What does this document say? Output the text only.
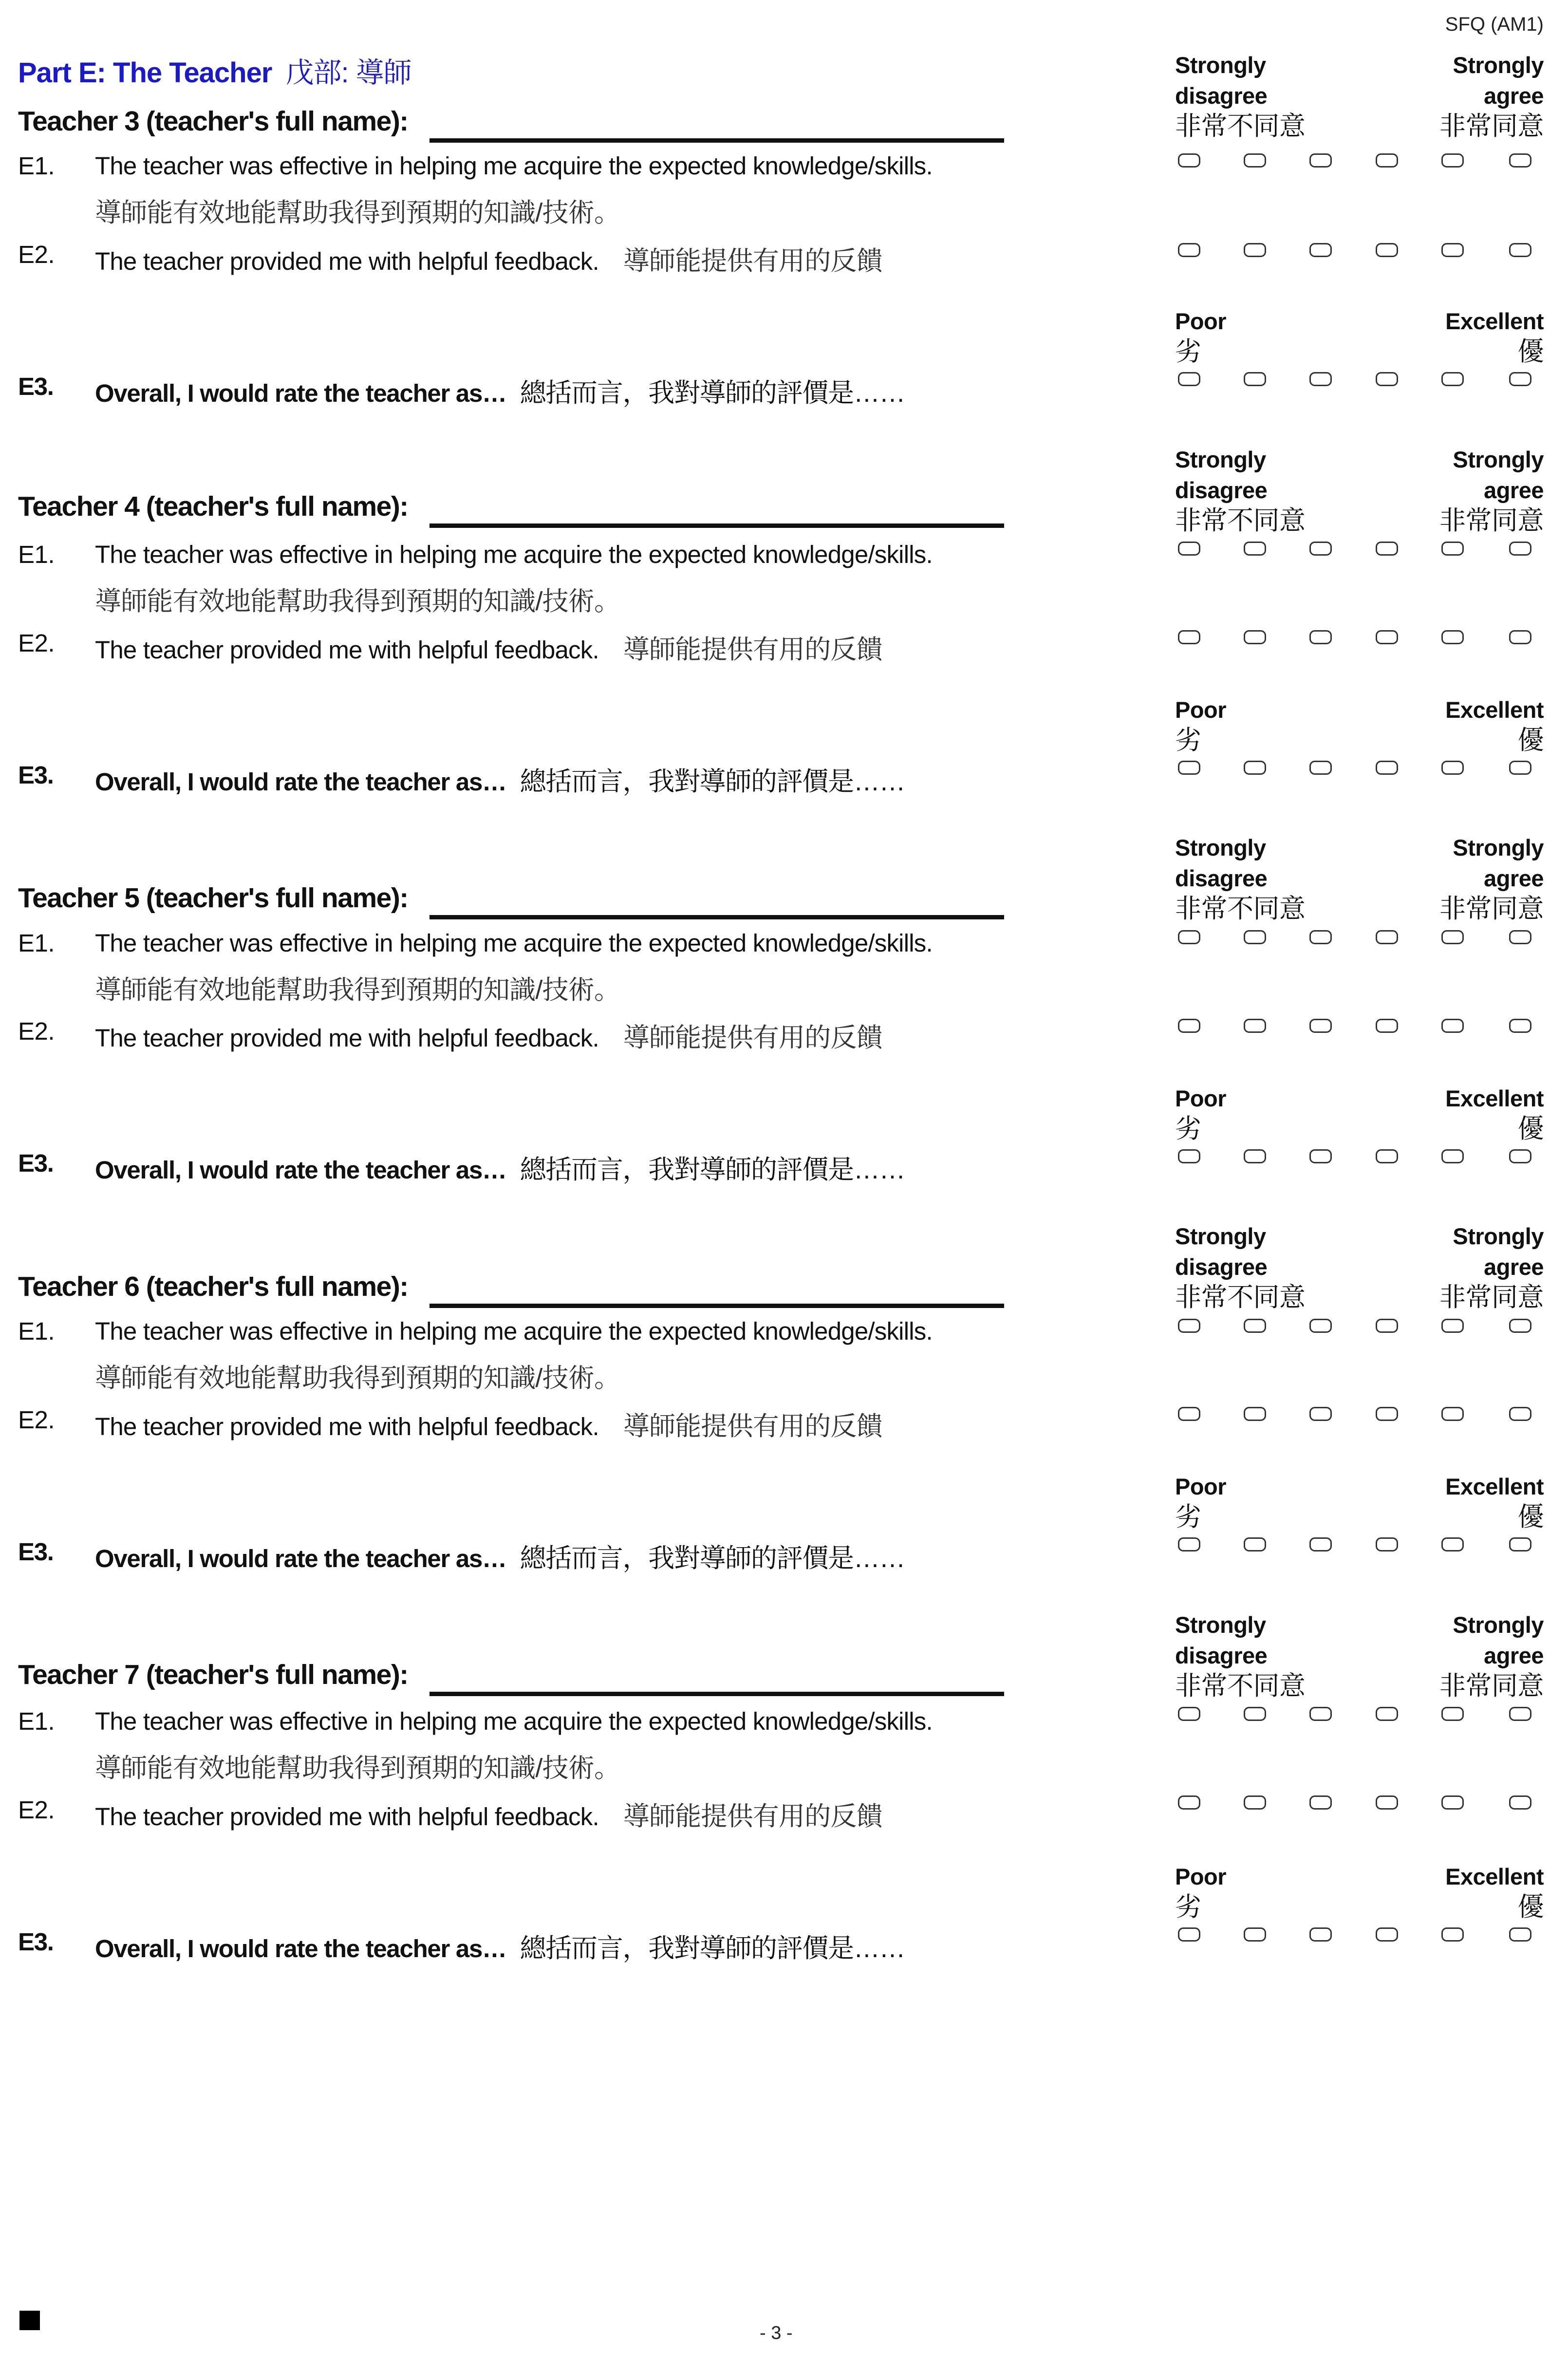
SFQ (AM1)
Part E: The Teacher 戊部: 導師	Strongly
disagree
非常不同意
Strongly
agree
非常同意
Teacher 3 (teacher's full name):
E1. The teacher was effective in helping me acquire the expected knowledge/skills.
導師能有效地能幫助我得到預期的知識/技術。
E2. The teacher provided me with helpful feedback. 導師能提供有用的反饋
E3. Overall, I would rate the teacher as… 總括而言，我對導師的評價是……
Poor
劣
Excellent
優
Strongly
disagree
非常不同意
Strongly
agree
非常同意
Teacher 4 (teacher's full name):
E1. The teacher was effective in helping me acquire the expected knowledge/skills.
導師能有效地能幫助我得到預期的知識/技術。
E2. The teacher provided me with helpful feedback. 導師能提供有用的反饋
E3. Overall, I would rate the teacher as… 總括而言，我對導師的評價是……
Poor
劣
Excellent
優
Strongly
disagree
非常不同意
Strongly
agree
非常同意
Teacher 5 (teacher's full name):
E1. The teacher was effective in helping me acquire the expected knowledge/skills.
導師能有效地能幫助我得到預期的知識/技術。
E2. The teacher provided me with helpful feedback. 導師能提供有用的反饋
E3. Overall, I would rate the teacher as… 總括而言，我對導師的評價是……
Poor
劣
Excellent
優
Strongly
disagree
非常不同意
Strongly
agree
非常同意
Teacher 6 (teacher's full name):
E1. The teacher was effective in helping me acquire the expected knowledge/skills.
導師能有效地能幫助我得到預期的知識/技術。
E2. The teacher provided me with helpful feedback. 導師能提供有用的反饋
E3. Overall, I would rate the teacher as… 總括而言，我對導師的評價是……
Poor
劣
Excellent
優
Strongly
disagree
非常不同意
Strongly
agree
非常同意
Teacher 7 (teacher's full name):
E1. The teacher was effective in helping me acquire the expected knowledge/skills.
導師能有效地能幫助我得到預期的知識/技術。
E2. The teacher provided me with helpful feedback. 導師能提供有用的反饋
E3. Overall, I would rate the teacher as… 總括而言，我對導師的評價是……
Poor
劣
Excellent
優
- 3 -
